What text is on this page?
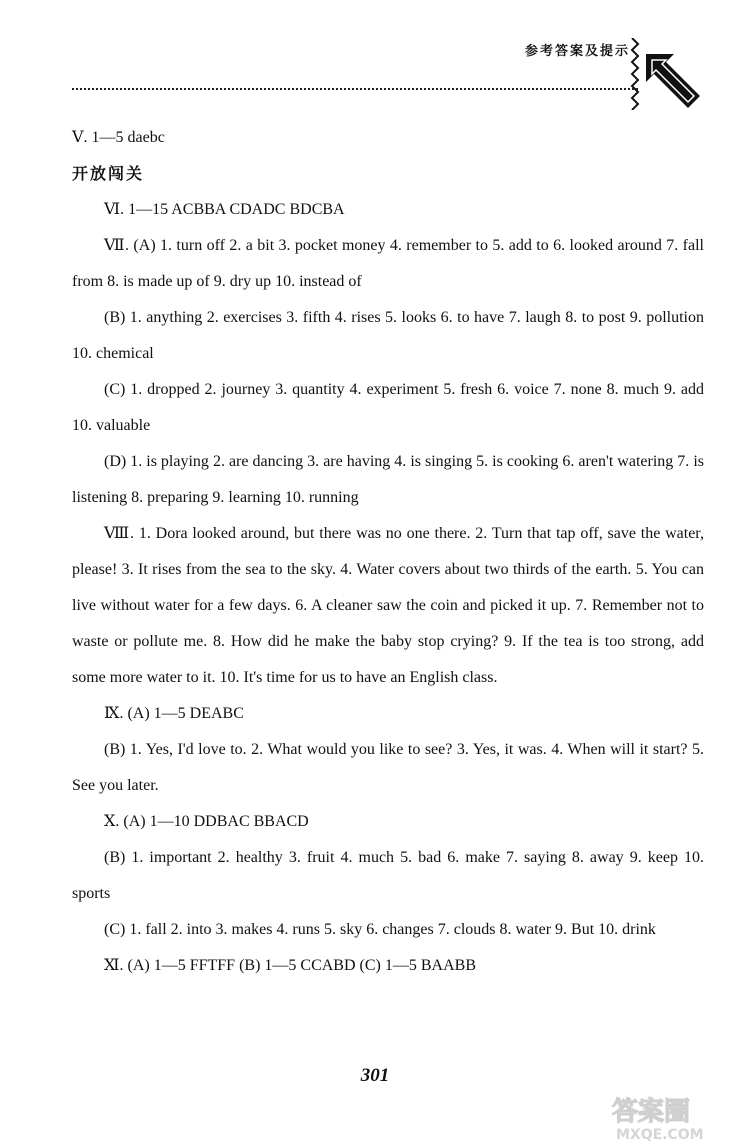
参考答案及提示

Ⅴ. 1—5 daebc

开放闯关

Ⅵ. 1—15 ACBBA CDADC BDCBA

Ⅶ. (A) 1. turn off 2. a bit 3. pocket money 4. remember to 5. add to 6. looked around 7. fall from 8. is made up of 9. dry up 10. instead of

(B) 1. anything 2. exercises 3. fifth 4. rises 5. looks 6. to have 7. laugh 8. to post 9. pollution 10. chemical

(C) 1. dropped 2. journey 3. quantity 4. experiment 5. fresh 6. voice 7. none 8. much 9. add 10. valuable

(D) 1. is playing 2. are dancing 3. are having 4. is singing 5. is cooking 6. aren't watering 7. is listening 8. preparing 9. learning 10. running

Ⅷ. 1. Dora looked around, but there was no one there. 2. Turn that tap off, save the water, please! 3. It rises from the sea to the sky. 4. Water covers about two thirds of the earth. 5. You can live without water for a few days. 6. A cleaner saw the coin and picked it up. 7. Remember not to waste or pollute me. 8. How did he make the baby stop crying? 9. If the tea is too strong, add some more water to it. 10. It's time for us to have an English class.

Ⅸ. (A) 1—5 DEABC

(B) 1. Yes, I'd love to. 2. What would you like to see? 3. Yes, it was. 4. When will it start? 5. See you later.

Ⅹ. (A) 1—10 DDBAC BBACD

(B) 1. important 2. healthy 3. fruit 4. much 5. bad 6. make 7. saying 8. away 9. keep 10. sports

(C) 1. fall 2. into 3. makes 4. runs 5. sky 6. changes 7. clouds 8. water 9. But 10. drink

Ⅺ. (A) 1—5 FFTFF (B) 1—5 CCABD (C) 1—5 BAABB

301
答案圈
MXQE.COM
